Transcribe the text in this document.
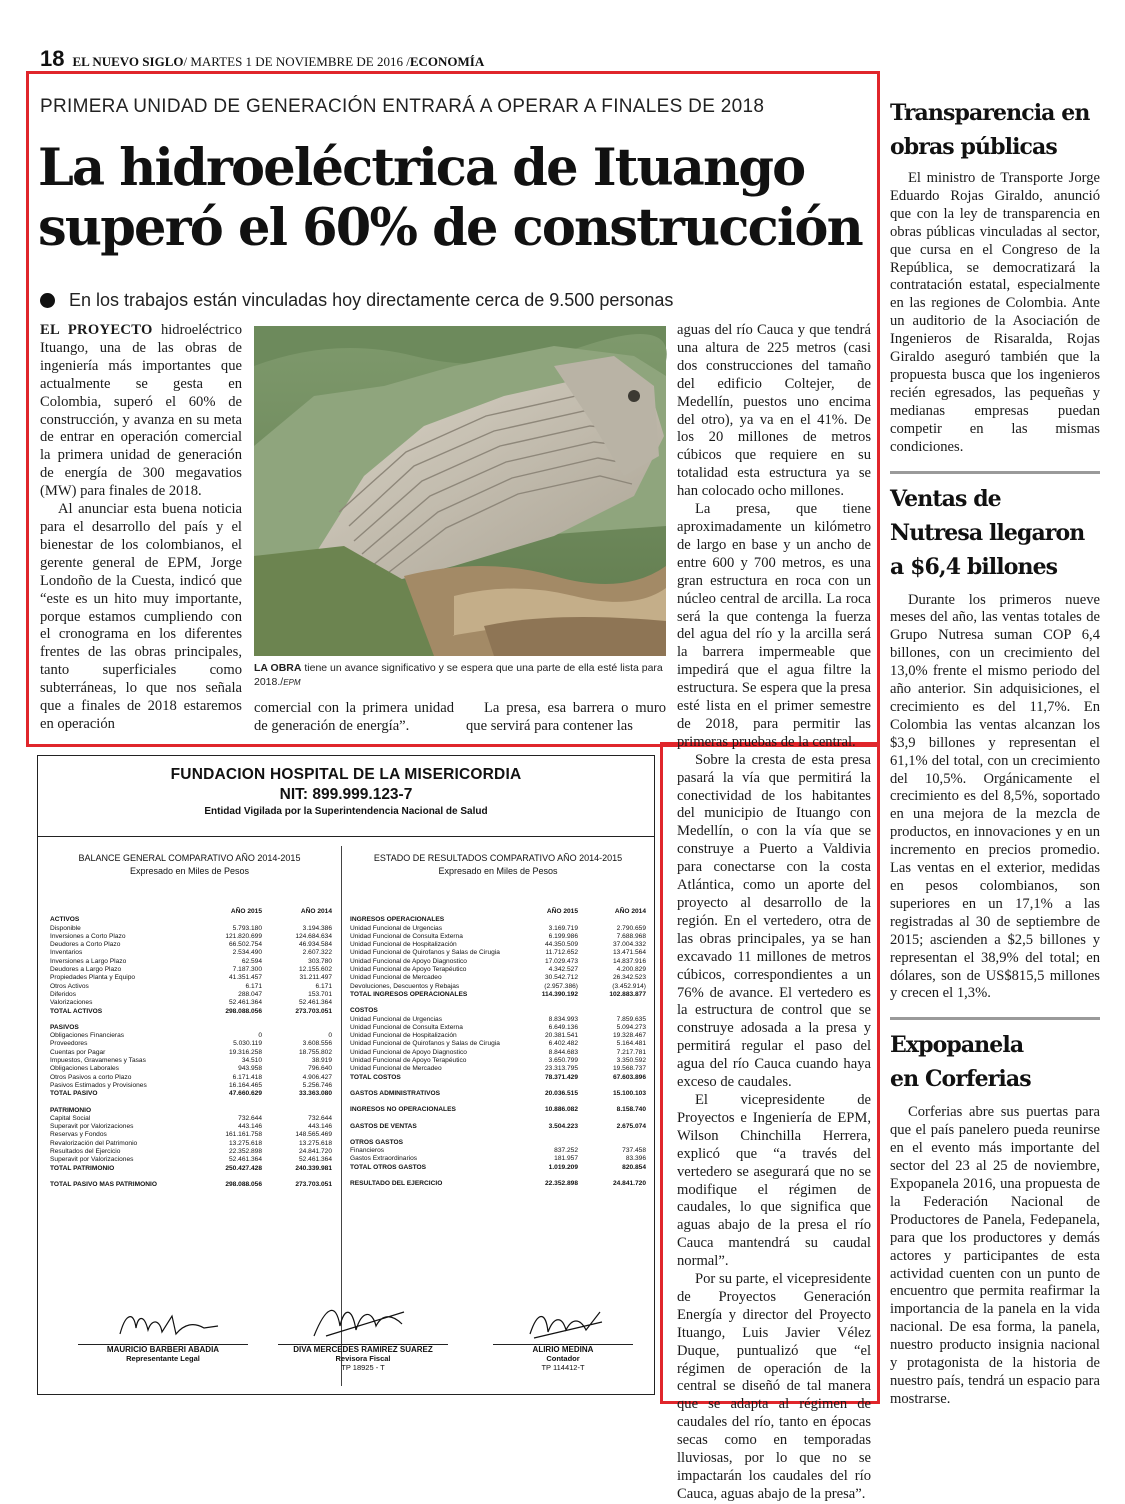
18 EL NUEVO SIGLO / MARTES 1 DE NOVIEMBRE DE 2016 / ECONOMÍA
PRIMERA UNIDAD DE GENERACIÓN ENTRARÁ A OPERAR A FINALES DE 2018
La hidroeléctrica de Ituango
superó el 60% de construcción
En los trabajos están vinculadas hoy directamente cerca de 9.500 personas

EL PROYECTO hidroeléctrico Ituango, una de las obras de ingeniería más importantes que actualmente se gesta en Colombia, superó el 60% de construcción, y avanza en su meta de entrar en operación comercial la primera unidad de generación de energía de 300 megavatios (MW) para finales de 2018.

Al anunciar esta buena noticia para el desarrollo del país y el bienestar de los colombianos, el gerente general de EPM, Jorge Londoño de la Cuesta, indicó que “este es un hito muy importante, porque estamos cumpliendo con el cronograma en los diferentes frentes de las obras principales, tanto superficiales como subterráneas, lo que nos señala que a finales de 2018 estaremos en operación

LA OBRA tiene un avance significativo y se espera que una parte de ella esté lista para 2018./EPM

comercial con la primera unidad de generación de energía”.

La presa, esa barrera o muro que servirá para contener las

aguas del río Cauca y que tendrá una altura de 225 metros (casi dos construcciones del tamaño del edificio Coltejer, de Medellín, puestos uno encima del otro), ya va en el 41%. De los 20 millones de metros cúbicos que requiere en su totalidad esta estructura ya se han colocado ocho millones.

La presa, que tiene aproximadamente un kilómetro de largo en base y un ancho de entre 600 y 700 metros, es una gran estructura en roca con un núcleo central de arcilla. La roca será la que contenga la fuerza del agua del río y la arcilla será la barrera impermeable que impedirá que el agua filtre la estructura. Se espera que la presa esté lista en el primer semestre de 2018, para permitir las primeras pruebas de la central.

Sobre la cresta de esta presa pasará la vía que permitirá la conectividad de los habitantes del municipio de Ituango con Medellín, o con la vía que se construye a Puerto a Valdivia para conectarse con la costa Atlántica, como un aporte del proyecto al desarrollo de la región. En el vertedero, otra de las obras principales, ya se han excavado 11 millones de metros cúbicos, correspondientes a un 76% de avance. El vertedero es la estructura de control que se construye adosada a la presa y permitirá regular el paso del agua del río Cauca cuando haya exceso de caudales.

El vicepresidente de Proyectos e Ingeniería de EPM, Wilson Chinchilla Herrera, explicó que “a través del vertedero se asegurará que no se modifique el régimen de caudales, lo que significa que aguas abajo de la presa el río Cauca mantendrá su caudal normal”.

Por su parte, el vicepresidente de Proyectos Generación Energía y director del Proyecto Ituango, Luis Javier Vélez Duque, puntualizó que “el régimen de operación de la central se diseñó de tal manera que se adapta al régimen de caudales del río, tanto en épocas secas como en temporadas lluviosas, por lo que no se impactarán los caudales del río Cauca, aguas abajo de la presa”.

Transparencia en
obras públicas

El ministro de Transporte Jorge Eduardo Rojas Giraldo, anunció que con la ley de transparencia en obras públicas vinculadas al sector, que cursa en el Congreso de la República, se democratizará la contratación estatal, especialmente en las regiones de Colombia. Ante un auditorio de la Asociación de Ingenieros de Risaralda, Rojas Giraldo aseguró también que la propuesta busca que los ingenieros recién egresados, las pequeñas y medianas empresas puedan competir en las mismas condiciones.

Ventas de
Nutresa llegaron
a $6,4 billones

Durante los primeros nueve meses del año, las ventas totales de Grupo Nutresa suman COP 6,4 billones, con un crecimiento del 13,0% frente el mismo periodo del año anterior. Sin adquisiciones, el crecimiento es del 11,7%. En Colombia las ventas alcanzan los $3,9 billones y representan el 61,1% del total, con un crecimiento del 10,5%. Orgánicamente el crecimiento es del 8,5%, soportado en una mejora de la mezcla de productos, en innovaciones y en un incremento en precios promedio. Las ventas en el exterior, medidas en pesos colombianos, son superiores en un 17,1% a las registradas al 30 de septiembre de 2015; ascienden a $2,5 billones y representan el 38,9% del total; en dólares, son de US$815,5 millones y crecen el 1,3%.

Expopanela
en Corferias

Corferias abre sus puertas para que el país panelero pueda reunirse en el evento más importante del sector del 23 al 25 de noviembre, Expopanela 2016, una propuesta de la Federación Nacional de Productores de Panela, Fedepanela, para que los productores y demás actores y participantes de esta actividad cuenten con un punto de encuentro que permita reafirmar la importancia de la panela en la vida nacional. De esa forma, la panela, nuestro producto insignia nacional y protagonista de la historia de nuestro país, tendrá un espacio para mostrarse.

FUNDACION HOSPITAL DE LA MISERICORDIA
NIT: 899.999.123-7
Entidad Vigilada por la Superintendencia Nacional de Salud
BALANCE GENERAL COMPARATIVO AÑO 2014-2015
Expresado en Miles de Pesos
ESTADO DE RESULTADOS COMPARATIVO AÑO 2014-2015
Expresado en Miles de Pesos
	AÑO 2015	AÑO 2014
ACTIVOS		
Disponible	5.793.180	3.194.386
Inversiones a Corto Plazo	121.820.699	124.684.634
Deudores a Corto Plazo	66.502.754	46.934.584
Inventarios	2.534.490	2.607.322
Inversiones a Largo Plazo	62.594	303.780
Deudores a Largo Plazo	7.187.300	12.155.602
Propiedades Planta y Equipo	41.351.457	31.211.497
Otros Activos	6.171	6.171
Diferidos	288.047	153.701
Valorizaciones	52.461.364	52.461.364
TOTAL ACTIVOS	298.088.056	273.703.051

PASIVOS		
Obligaciones Financieras	0	0
Proveedores	5.030.119	3.608.556
Cuentas por Pagar	19.316.258	18.755.802
Impuestos, Gravamenes y Tasas	34.510	38.919
Obligaciones Laborales	943.958	796.640
Otros Pasivos a corto Plazo	6.171.418	4.906.427
Pasivos Estimados y Provisiones	16.164.465	5.256.746
TOTAL PASIVO	47.660.629	33.363.080

PATRIMONIO		
Capital Social	732.644	732.644
Superavit por Valorizaciones	443.146	443.146
Reservas y Fondos	161.161.758	148.565.469
Revalorización del Patrimonio	13.275.618	13.275.618
Resultados del Ejercicio	22.352.898	24.841.720
Superavit por Valorizaciones	52.461.364	52.461.364
TOTAL PATRIMONIO	250.427.428	240.339.981

TOTAL PASIVO MAS PATRIMONIO	298.088.056	273.703.051
	AÑO 2015	AÑO 2014
INGRESOS OPERACIONALES		
Unidad Funcional de Urgencias	3.169.719	2.790.659
Unidad Funcional de Consulta Externa	6.199.986	7.688.968
Unidad Funcional de Hospitalización	44.350.509	37.004.332
Unidad Funcional de Quirofanos y Salas de Cirugia	11.712.652	13.471.564
Unidad Funcional de Apoyo Diagnostico	17.029.473	14.837.916
Unidad Funcional de Apoyo Terapéutico	4.342.527	4.200.829
Unidad Funcional de Mercadeo	30.542.712	26.342.523
Devoluciones, Descuentos y Rebajas	(2.957.386)	(3.452.914)
TOTAL INGRESOS OPERACIONALES	114.390.192	102.883.877

COSTOS		
Unidad Funcional de Urgencias	8.834.993	7.859.635
Unidad Funcional de Consulta Externa	6.649.136	5.094.273
Unidad Funcional de Hospitalización	20.381.541	19.328.467
Unidad Funcional de Quirofanos y Salas de Cirugia	6.402.482	5.164.481
Unidad Funcional de Apoyo Diagnostico	8.844.683	7.217.781
Unidad Funcional de Apoyo Terapéutico	3.650.799	3.350.592
Unidad Funcional de Mercadeo	23.313.795	19.568.737
TOTAL COSTOS	78.371.429	67.603.896

GASTOS ADMINISTRATIVOS	20.036.515	15.100.103

INGRESOS NO OPERACIONALES	10.886.082	8.158.740

GASTOS DE VENTAS	3.504.223	2.675.074

OTROS GASTOS		
Financieros	837.252	737.458
Gastos Extraordinarios	181.957	83.396
TOTAL OTROS GASTOS	1.019.209	820.854

RESULTADO DEL EJERCICIO	22.352.898	24.841.720
MAURICIO BARBERI ABADIA
Representante Legal
DIVA MERCEDES RAMIREZ SUAREZ
Revisora Fiscal
TP 18925 - T
ALIRIO MEDINA
Contador
TP 114412-T
